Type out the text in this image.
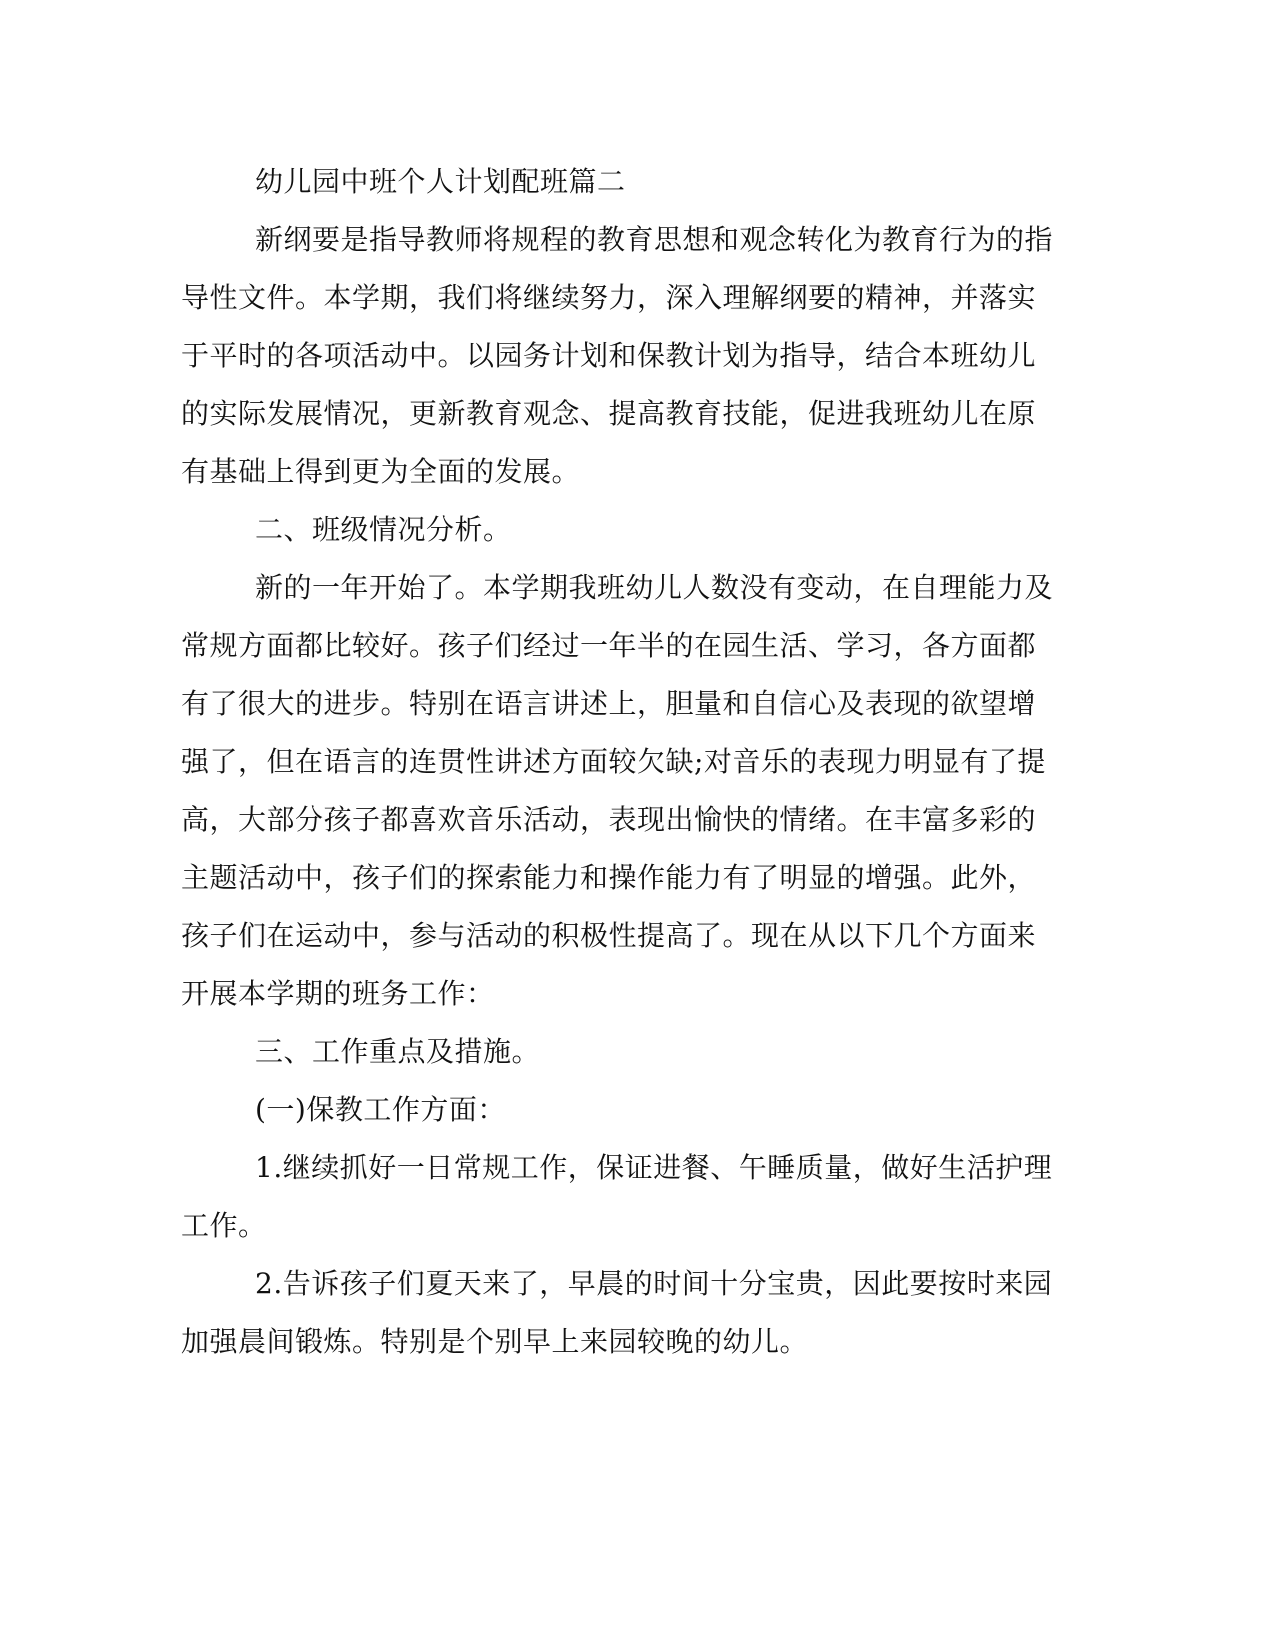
幼儿园中班个人计划配班篇二
新纲要是指导教师将规程的教育思想和观念转化为教育行为的指
导性文件。本学期，我们将继续努力，深入理解纲要的精神，并落实
于平时的各项活动中。以园务计划和保教计划为指导，结合本班幼儿
的实际发展情况，更新教育观念、提高教育技能，促进我班幼儿在原
有基础上得到更为全面的发展。
二、班级情况分析。
新的一年开始了。本学期我班幼儿人数没有变动，在自理能力及
常规方面都比较好。孩子们经过一年半的在园生活、学习，各方面都
有了很大的进步。特别在语言讲述上，胆量和自信心及表现的欲望增
强了，但在语言的连贯性讲述方面较欠缺;对音乐的表现力明显有了提
高，大部分孩子都喜欢音乐活动，表现出愉快的情绪。在丰富多彩的
主题活动中，孩子们的探索能力和操作能力有了明显的增强。此外，
孩子们在运动中，参与活动的积极性提高了。现在从以下几个方面来
开展本学期的班务工作：
三、工作重点及措施。
(一)保教工作方面：
1.继续抓好一日常规工作，保证进餐、午睡质量，做好生活护理
工作。
2.告诉孩子们夏天来了，早晨的时间十分宝贵，因此要按时来园
加强晨间锻炼。特别是个别早上来园较晚的幼儿。
